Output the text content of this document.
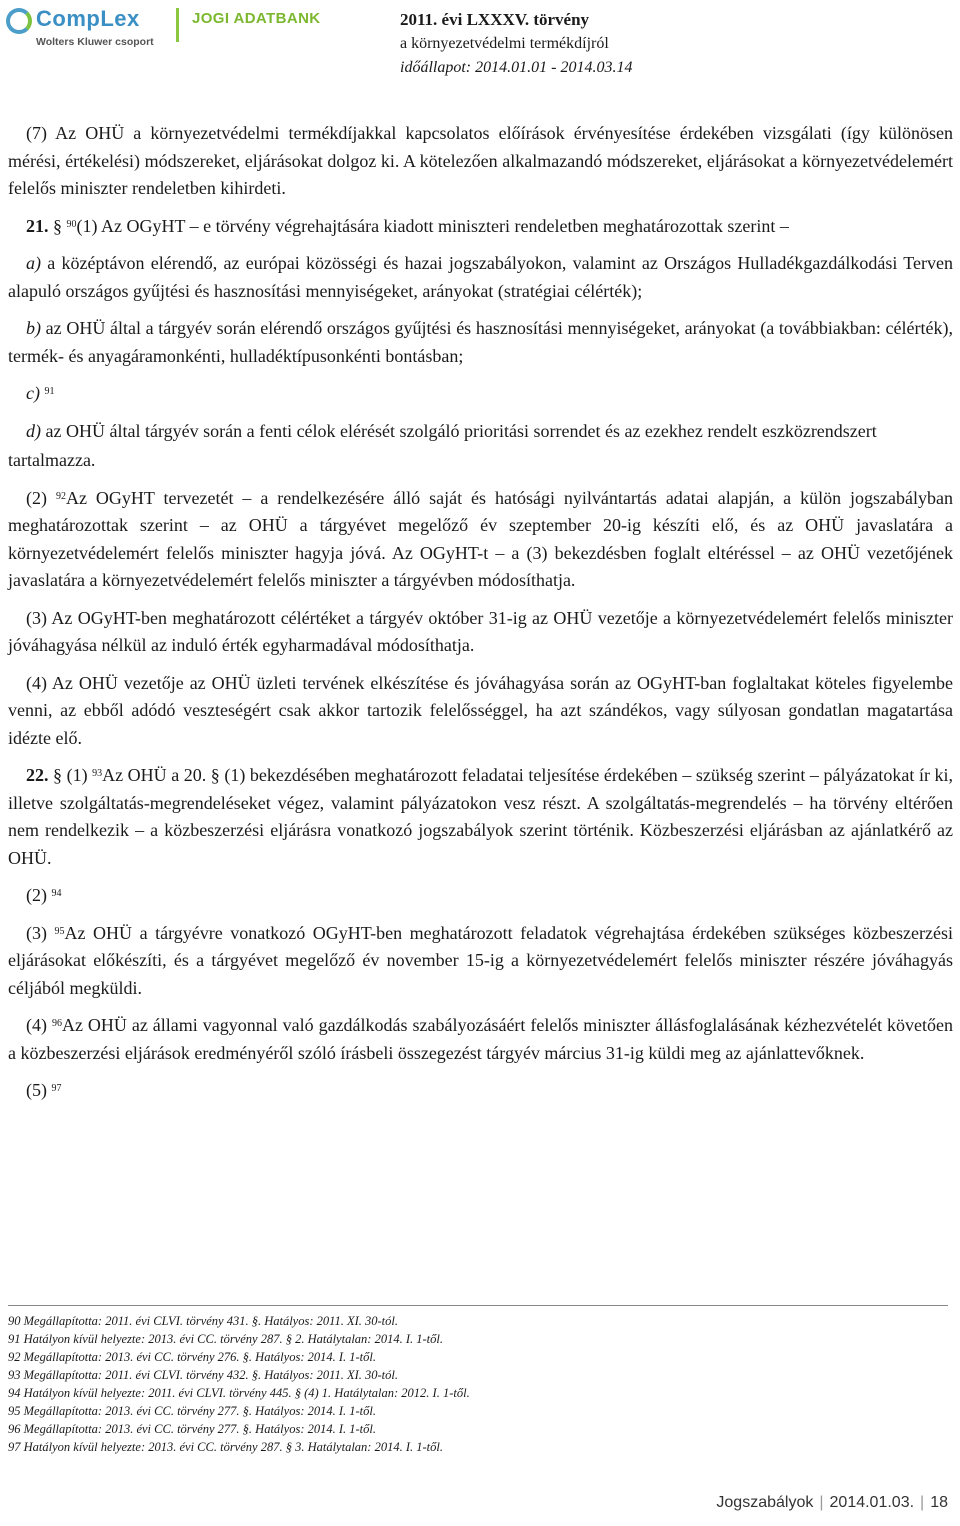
CompLex
Wolters Kluwer csoport
JOGI ADATBANK	2011. évi LXXXV. törvény
a környezetvédelmi termékdíjról
időállapot: 2014.01.01 - 2014.03.14

(7) Az OHÜ a környezetvédelmi termékdíjakkal kapcsolatos előírások érvényesítése érdekében vizsgálati (így különösen mérési, értékelési) módszereket, eljárásokat dolgoz ki. A kötelezően alkalmazandó módszereket, eljárásokat a környezetvédelemért felelős miniszter rendeletben kihirdeti.

21. § $^{90}$(1) Az OGyHT – e törvény végrehajtására kiadott miniszteri rendeletben meghatározottak szerint –

a) a középtávon elérendő, az európai közösségi és hazai jogszabályokon, valamint az Országos Hulladékgazdálkodási Terven alapuló országos gyűjtési és hasznosítási mennyiségeket, arányokat (stratégiai célérték);

b) az OHÜ által a tárgyév során elérendő országos gyűjtési és hasznosítási mennyiségeket, arányokat (a továbbiakban: célérték), termék- és anyagáramonkénti, hulladéktípusonkénti bontásban;

c) $^{91}$

d) az OHÜ által tárgyév során a fenti célok elérését szolgáló prioritási sorrendet és az ezekhez rendelt eszközrendszert

tartalmazza.

(2) $^{92}$Az OGyHT tervezetét – a rendelkezésére álló saját és hatósági nyilvántartás adatai alapján, a külön jogszabályban meghatározottak szerint – az OHÜ a tárgyévet megelőző év szeptember 20-ig készíti elő, és az OHÜ javaslatára a környezetvédelemért felelős miniszter hagyja jóvá. Az OGyHT-t – a (3) bekezdésben foglalt eltéréssel – az OHÜ vezetőjének javaslatára a környezetvédelemért felelős miniszter a tárgyévben módosíthatja.

(3) Az OGyHT-ben meghatározott célértéket a tárgyév október 31-ig az OHÜ vezetője a környezetvédelemért felelős miniszter jóváhagyása nélkül az induló érték egyharmadával módosíthatja.

(4) Az OHÜ vezetője az OHÜ üzleti tervének elkészítése és jóváhagyása során az OGyHT-ban foglaltakat köteles figyelembe venni, az ebből adódó veszteségért csak akkor tartozik felelősséggel, ha azt szándékos, vagy súlyosan gondatlan magatartása idézte elő.

22. § (1) $^{93}$Az OHÜ a 20. § (1) bekezdésében meghatározott feladatai teljesítése érdekében – szükség szerint – pályázatokat ír ki, illetve szolgáltatás-megrendeléseket végez, valamint pályázatokon vesz részt. A szolgáltatás-megrendelés – ha törvény eltérően nem rendelkezik – a közbeszerzési eljárásra vonatkozó jogszabályok szerint történik. Közbeszerzési eljárásban az ajánlatkérő az OHÜ.

(2) $^{94}$

(3) $^{95}$Az OHÜ a tárgyévre vonatkozó OGyHT-ben meghatározott feladatok végrehajtása érdekében szükséges közbeszerzési eljárásokat előkészíti, és a tárgyévet megelőző év november 15-ig a környezetvédelemért felelős miniszter részére jóváhagyás céljából megküldi.

(4) $^{96}$Az OHÜ az állami vagyonnal való gazdálkodás szabályozásáért felelős miniszter állásfoglalásának kézhezvételét követően a közbeszerzési eljárások eredményéről szóló írásbeli összegezést tárgyév március 31-ig küldi meg az ajánlattevőknek.

(5) $^{97}$

90 Megállapította: 2011. évi CLVI. törvény 431. §. Hatályos: 2011. XI. 30-tól.
91 Hatályon kívül helyezte: 2013. évi CC. törvény 287. § 2. Hatálytalan: 2014. I. 1-től.
92 Megállapította: 2013. évi CC. törvény 276. §. Hatályos: 2014. I. 1-től.
93 Megállapította: 2011. évi CLVI. törvény 432. §. Hatályos: 2011. XI. 30-tól.
94 Hatályon kívül helyezte: 2011. évi CLVI. törvény 445. § (4) 1. Hatálytalan: 2012. I. 1-től.
95 Megállapította: 2013. évi CC. törvény 277. §. Hatályos: 2014. I. 1-től.
96 Megállapította: 2013. évi CC. törvény 277. §. Hatályos: 2014. I. 1-től.
97 Hatályon kívül helyezte: 2013. évi CC. törvény 287. § 3. Hatálytalan: 2014. I. 1-től.
Jogszabályok | 2014.01.03. | 18
